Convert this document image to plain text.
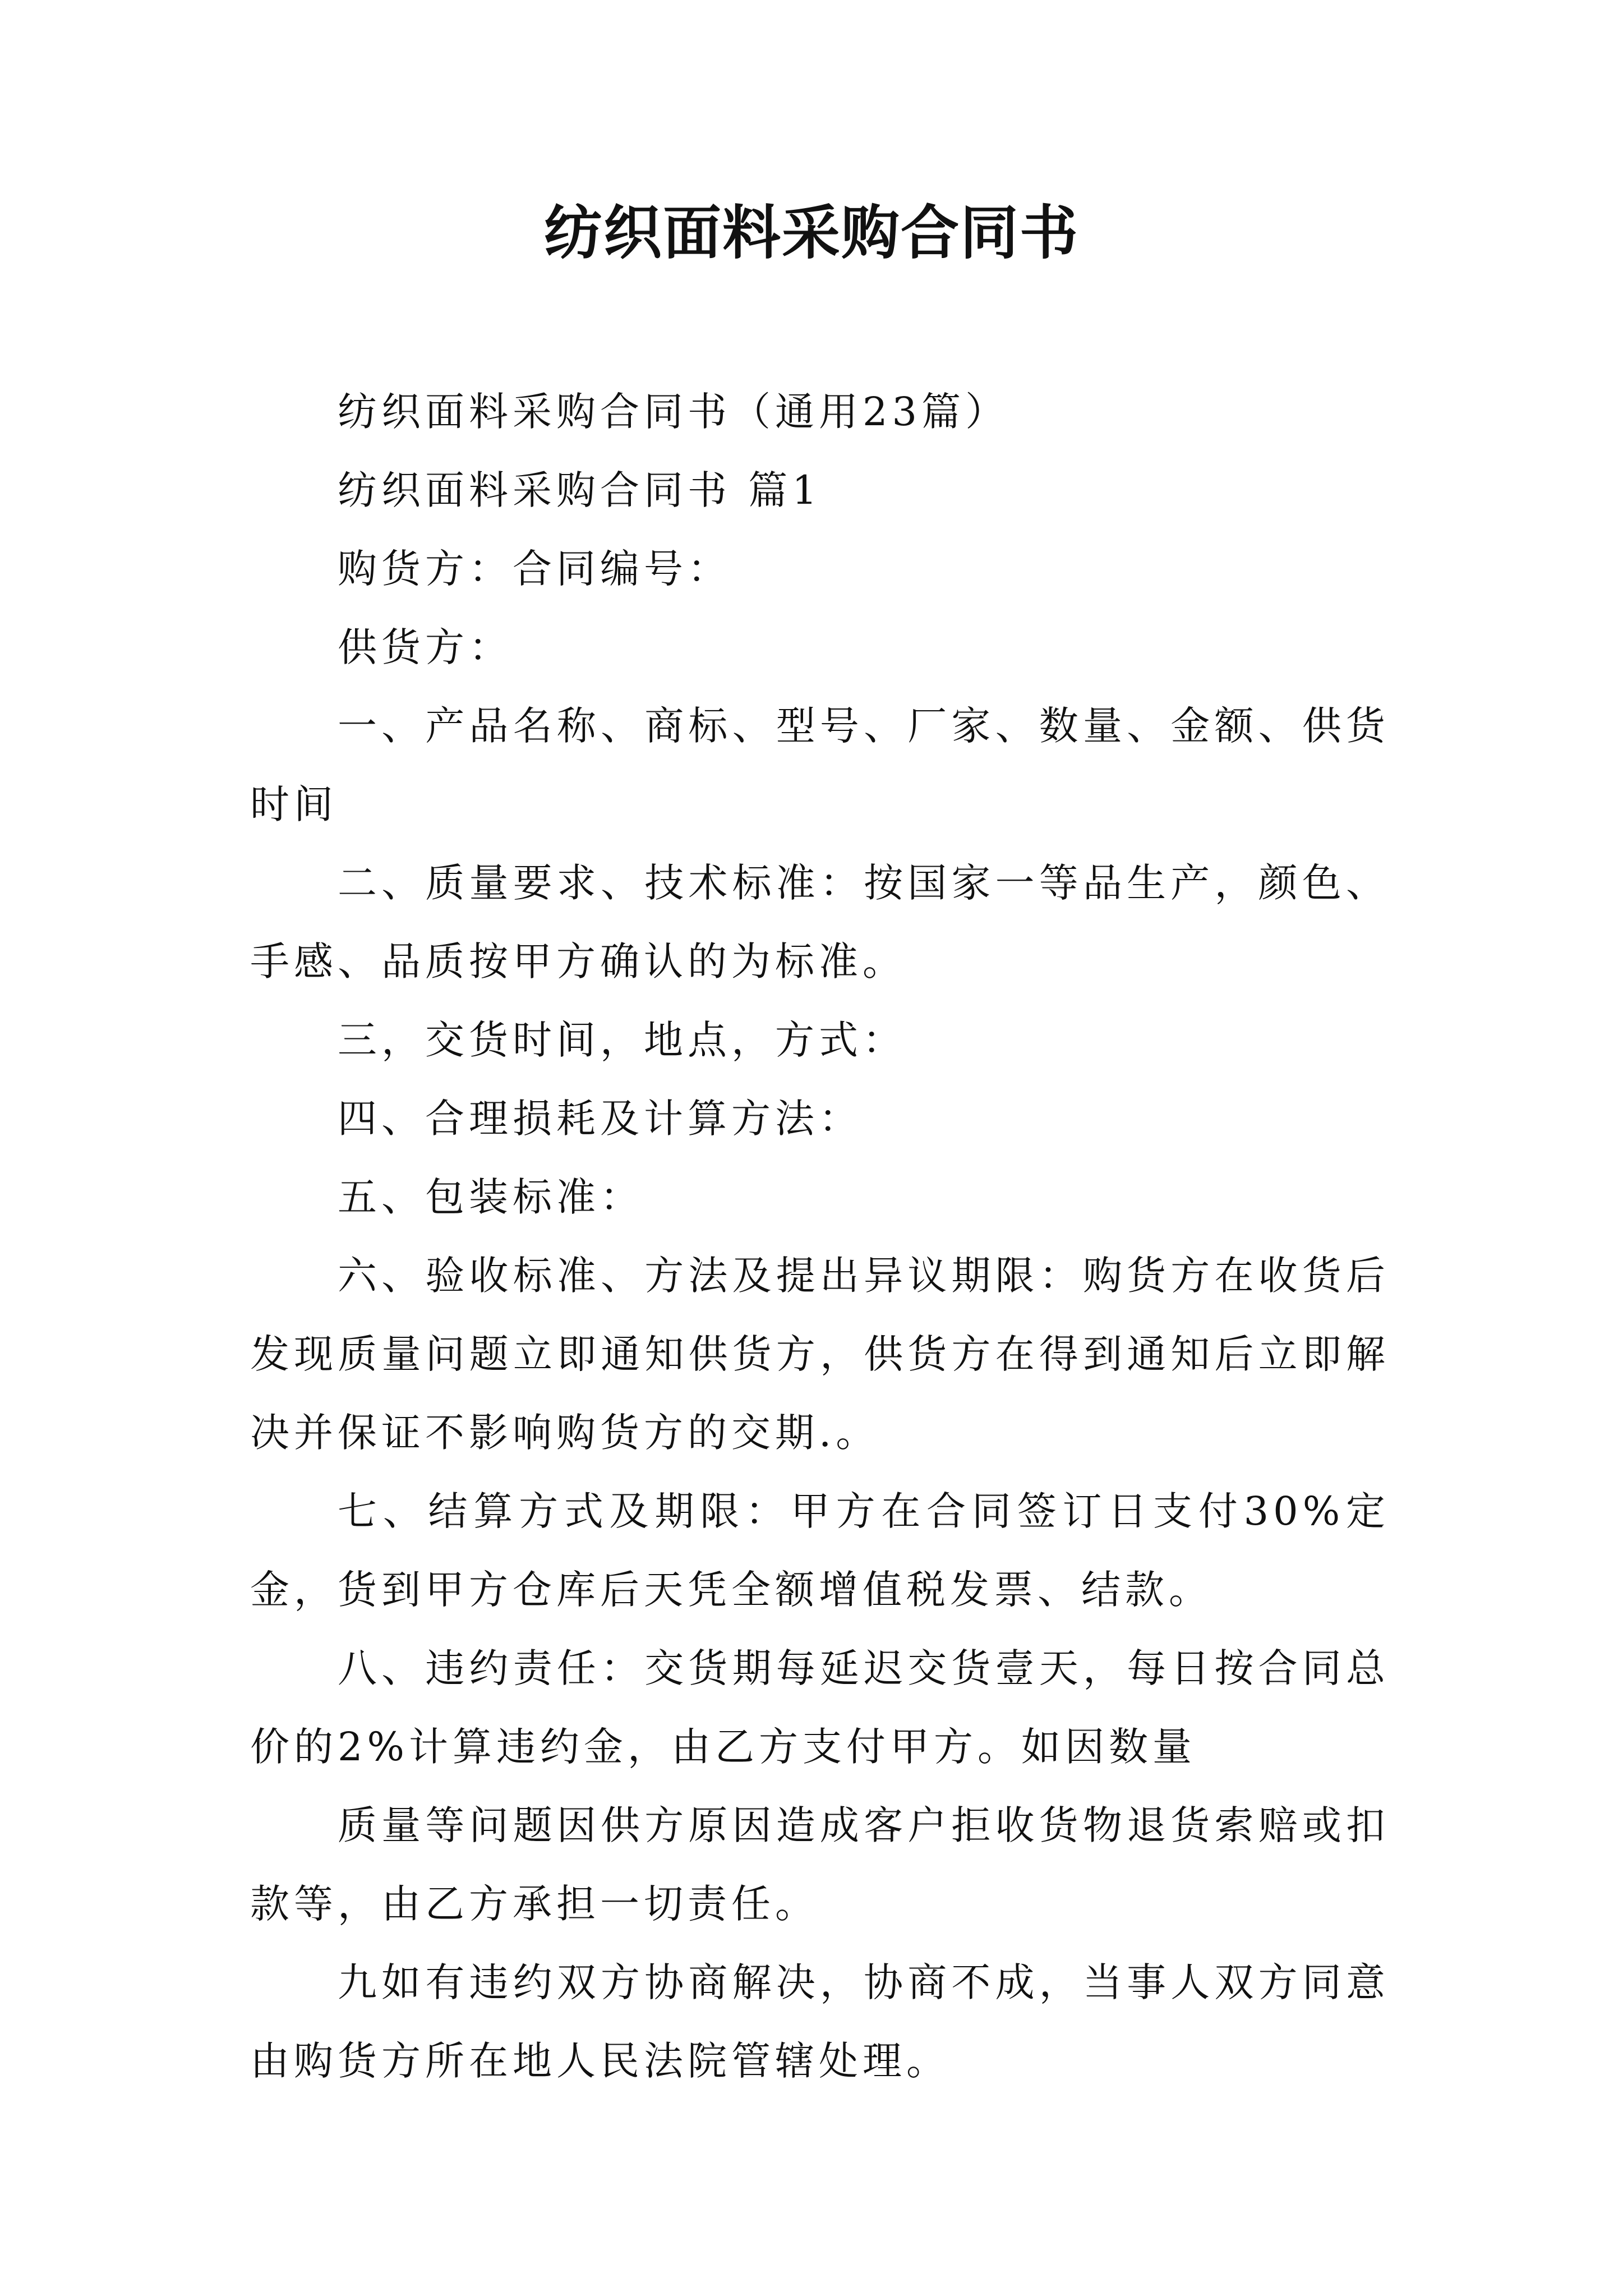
纺织面料采购合同书

纺织面料采购合同书（通用23篇）

纺织面料采购合同书 篇1

购货方：合同编号：

供货方：

一、产品名称、商标、型号、厂家、数量、金额、供货时间

二、质量要求、技术标准：按国家一等品生产，颜色、手感、品质按甲方确认的为标准。

三，交货时间，地点，方式：

四、合理损耗及计算方法：

五、包装标准：

六、验收标准、方法及提出异议期限：购货方在收货后发现质量问题立即通知供货方，供货方在得到通知后立即解决并保证不影响购货方的交期.。

七、结算方式及期限：甲方在合同签订日支付30%定金，货到甲方仓库后天凭全额增值税发票、结款。

八、违约责任：交货期每延迟交货壹天，每日按合同总价的2%计算违约金，由乙方支付甲方。如因数量

质量等问题因供方原因造成客户拒收货物退货索赔或扣款等，由乙方承担一切责任。

九如有违约双方协商解决，协商不成，当事人双方同意由购货方所在地人民法院管辖处理。
